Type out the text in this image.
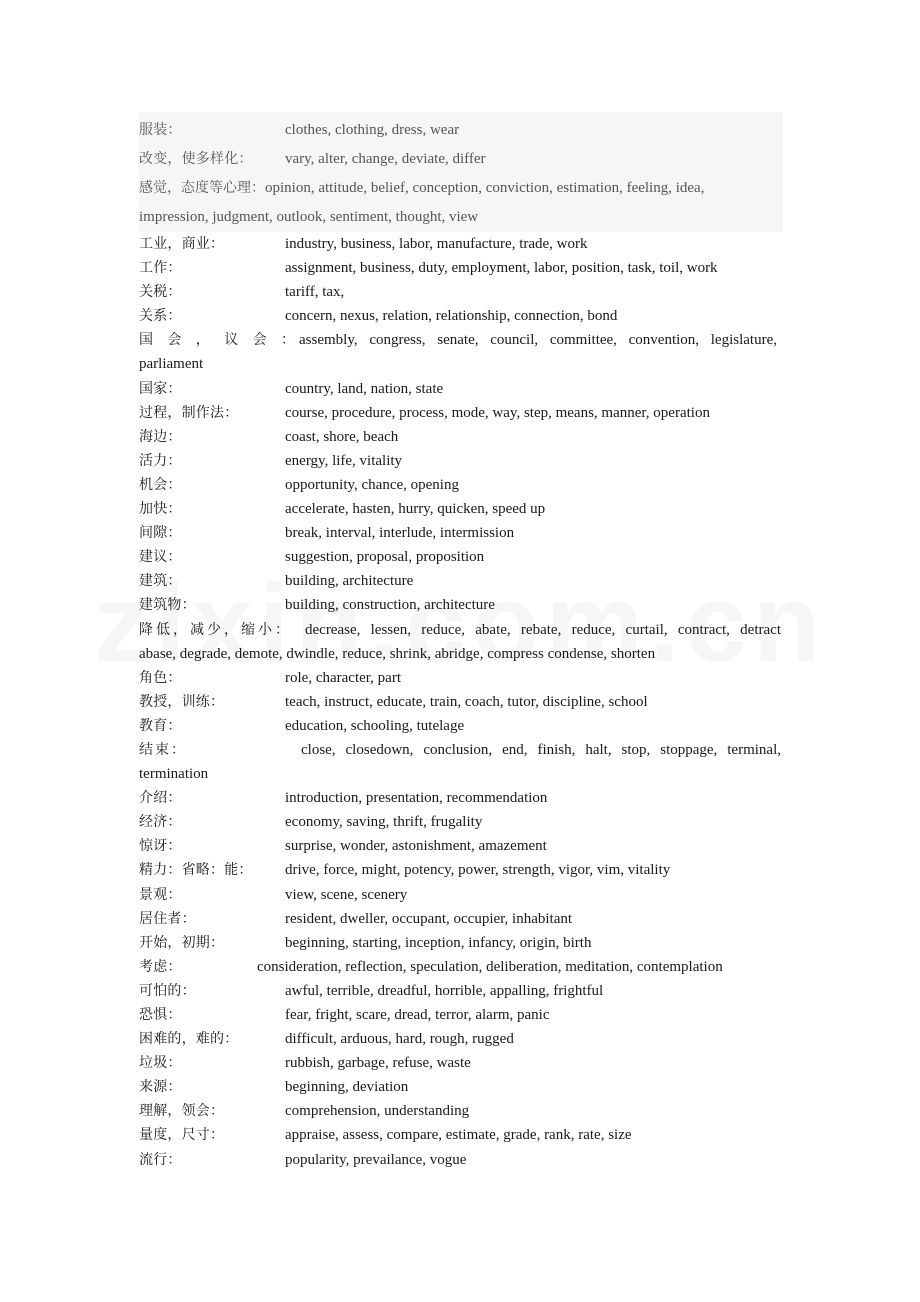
服装：	clothes, clothing, dress, wear
改变，使多样化：	vary, alter, change, deviate, differ
感觉，态度等心理： opinion, attitude, belief, conception, conviction, estimation, feeling, idea,
impression, judgment, outlook, sentiment, thought, view
工业，商业：	industry, business, labor, manufacture, trade, work
工作：	assignment, business, duty, employment, labor, position, task, toil, work
关税：	tariff, tax,
关系：	concern, nexus, relation, relationship, connection, bond
国会，议会：assembly, congress, senate, council, committee, convention, legislature,
parliament
国家：	country, land, nation, state
过程，制作法：	course, procedure, process, mode, way, step, means, manner, operation
海边：	coast, shore, beach
活力：	energy, life, vitality
机会：	opportunity, chance, opening
加快：	accelerate, hasten, hurry, quicken, speed up
间隙：	break, interval, interlude, intermission
建议：	suggestion, proposal, proposition
建筑：	building, architecture
建筑物：	building, construction, architecture
降低，减少，缩小： decrease, lessen, reduce, abate, rebate, reduce, curtail, contract, detract
abase, degrade, demote, dwindle, reduce, shrink, abridge, compress condense, shorten
角色：	role, character, part
教授，训练：	teach, instruct, educate, train, coach, tutor, discipline, school
教育：	education, schooling, tutelage
结束：	close, closedown, conclusion, end, finish, halt, stop, stoppage, terminal,
termination
介绍：	introduction, presentation, recommendation
经济：	economy, saving, thrift, frugality
惊讶：	surprise, wonder, astonishment, amazement
精力：省略：能：	drive, force, might, potency, power, strength, vigor, vim, vitality
景观：	view, scene, scenery
居住者：	resident, dweller, occupant, occupier, inhabitant
开始，初期：	beginning, starting, inception, infancy, origin, birth
考虑：	consideration, reflection, speculation, deliberation, meditation, contemplation
可怕的：	awful, terrible, dreadful, horrible, appalling, frightful
恐惧：	fear, fright, scare, dread, terror, alarm, panic
困难的，难的：	difficult, arduous, hard, rough, rugged
垃圾：	rubbish, garbage, refuse, waste
来源：	beginning, deviation
理解，领会：	comprehension, understanding
量度，尺寸：	appraise, assess, compare, estimate, grade, rank, rate, size
流行：	popularity, prevailance, vogue
